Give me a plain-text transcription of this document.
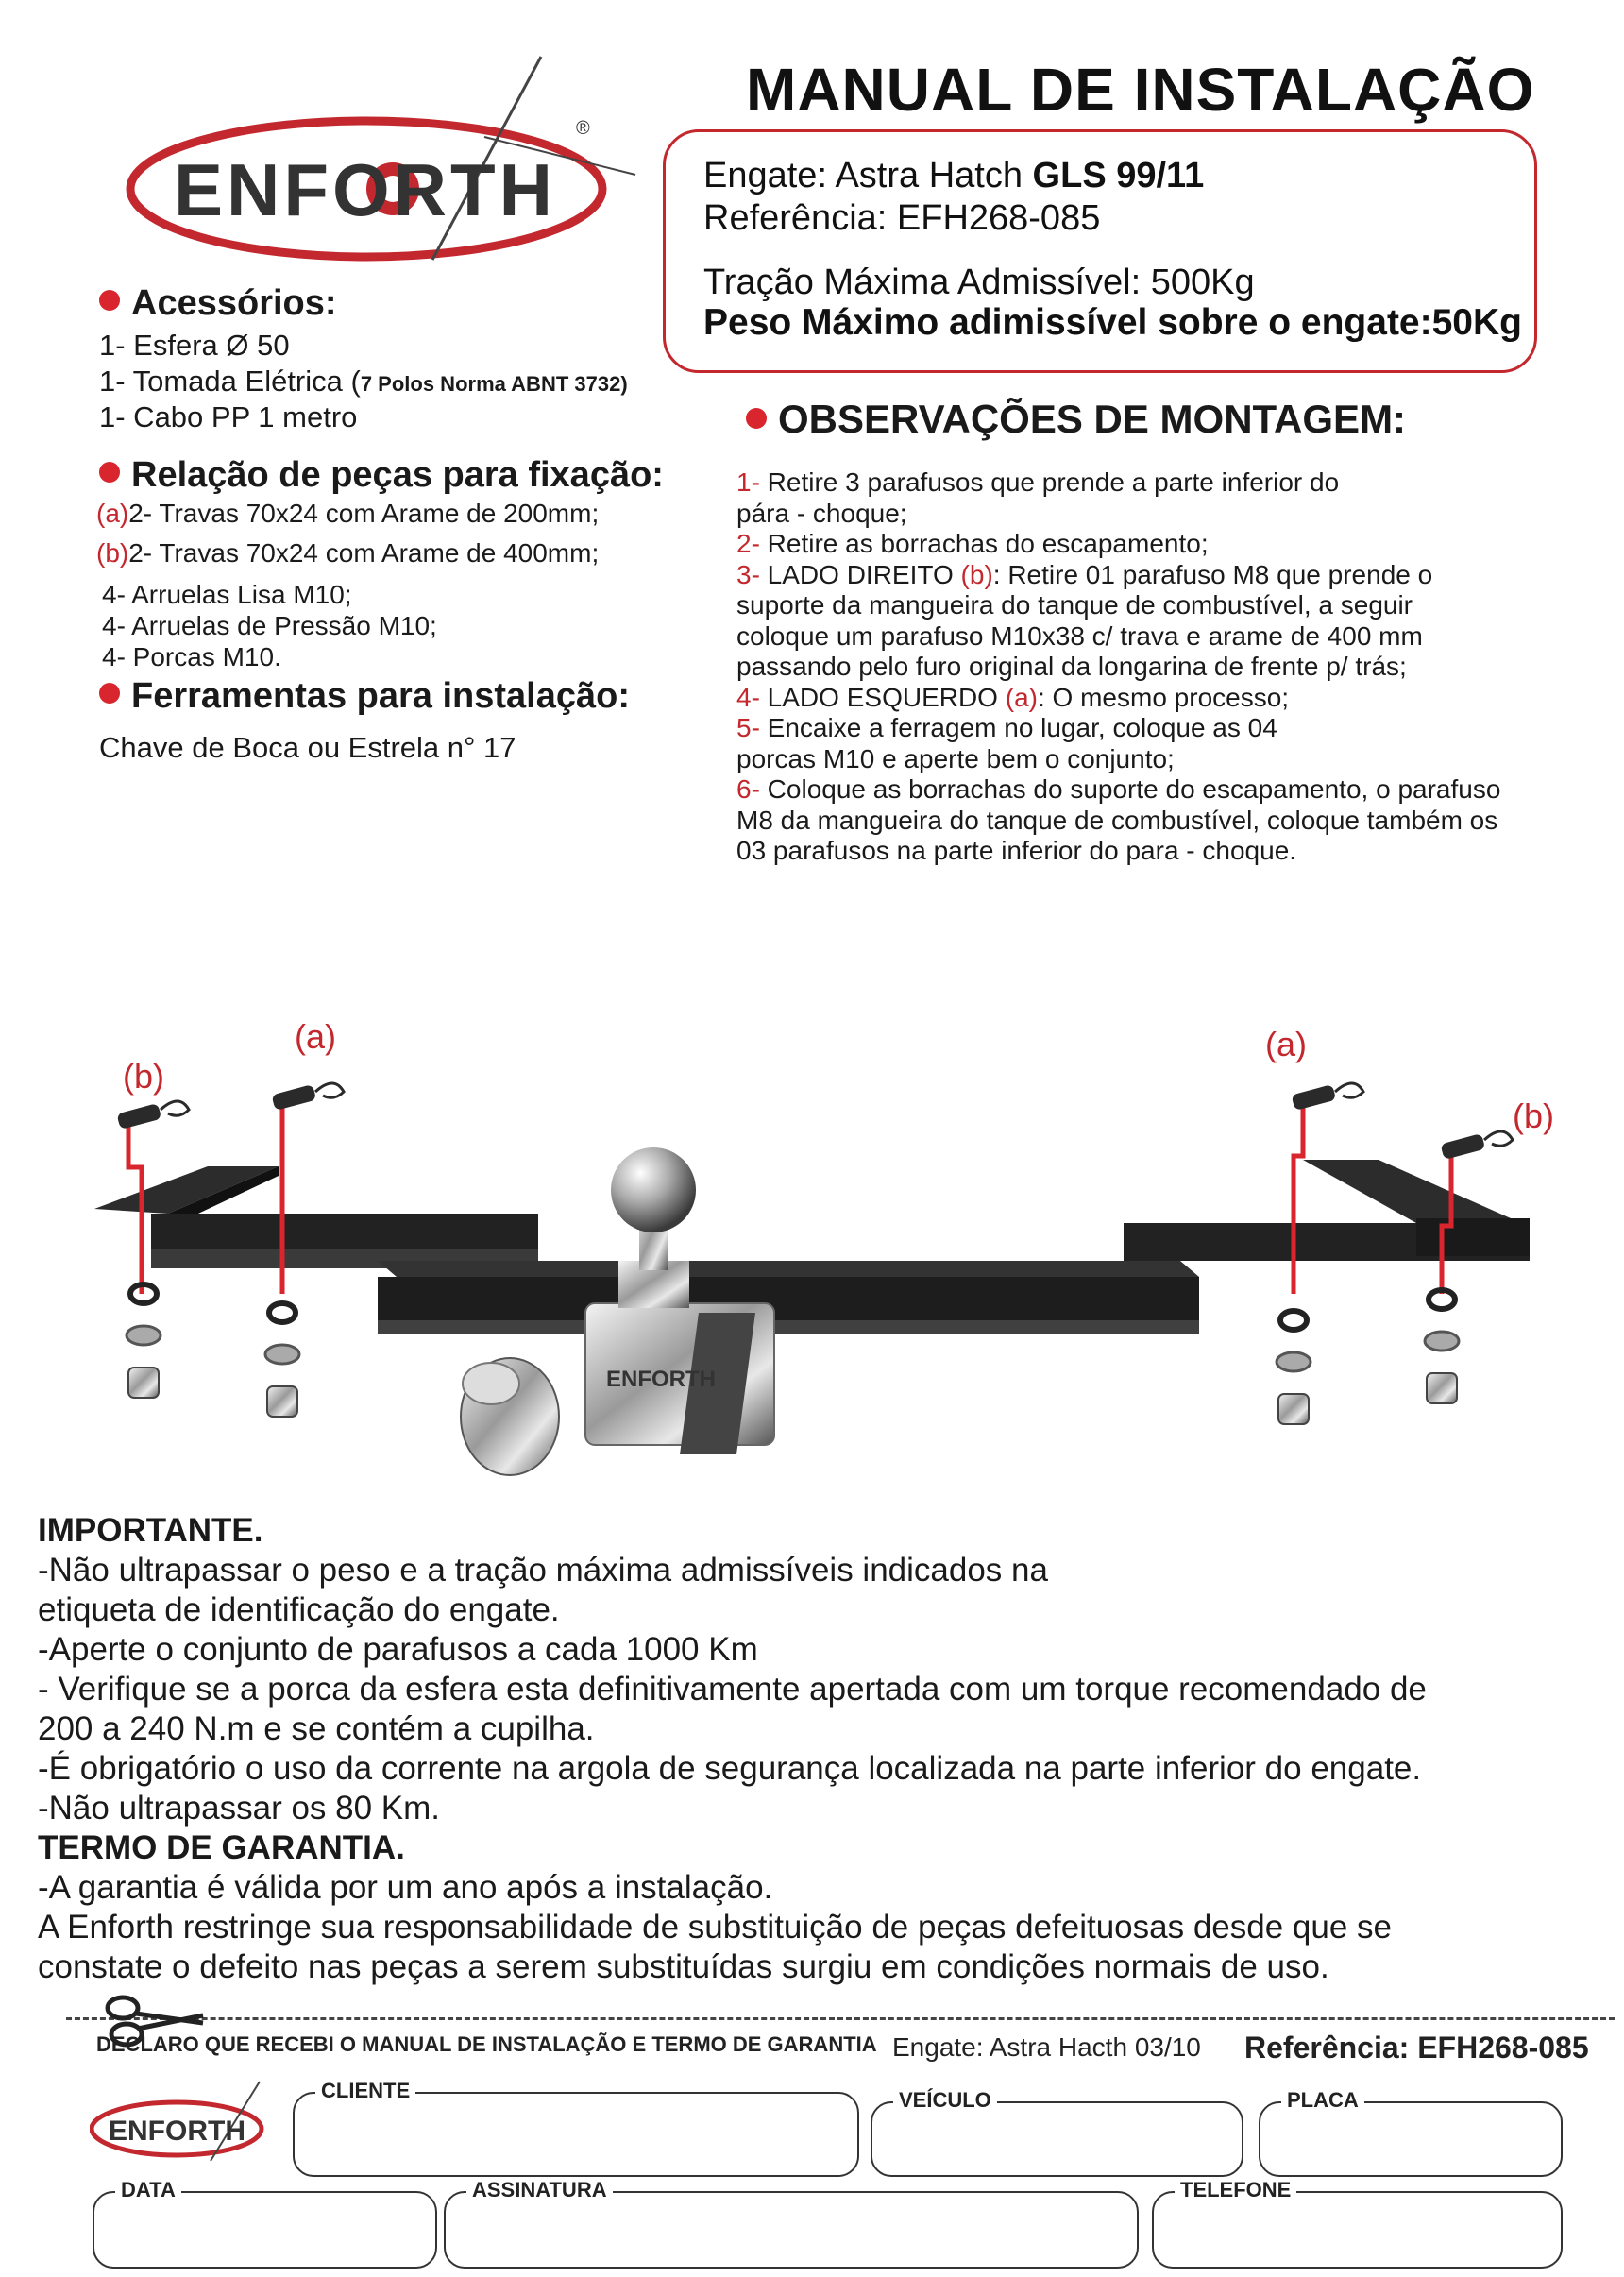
ENFORTH
®
MANUAL DE INSTALAÇÃO
Engate: Astra Hatch GLS 99/11
Referência: EFH268-085
Tração Máxima Admissível: 500Kg
Peso Máximo adimissível sobre o engate:50Kg
Acessórios:
1- Esfera Ø 50
1- Tomada Elétrica (7 Polos Norma ABNT 3732)
1- Cabo PP 1 metro
Relação de peças para fixação:
(a)2- Travas 70x24 com Arame de 200mm;
(b)2- Travas 70x24 com Arame de 400mm;
4- Arruelas Lisa M10;
4- Arruelas de Pressão M10;
4- Porcas M10.
Ferramentas para instalação:
Chave de Boca ou Estrela n° 17
OBSERVAÇÕES DE MONTAGEM:
1- Retire 3 parafusos que prende a parte inferior do
pára - choque;
2- Retire as borrachas do escapamento;
3- LADO DIREITO (b): Retire 01 parafuso M8 que prende o
suporte da mangueira do tanque de combustível, a seguir
coloque um parafuso M10x38 c/ trava e arame de 400 mm
passando pelo furo original da longarina de frente p/ trás;
4- LADO ESQUERDO (a): O mesmo processo;
5- Encaixe a ferragem no lugar, coloque as 04
porcas M10 e aperte bem o conjunto;
6- Coloque as borrachas do suporte do escapamento, o parafuso
M8 da mangueira do tanque de combustível, coloque também os
03 parafusos na parte inferior do para - choque.
ENFORTH
(b)
(a)	(a)
(b)
IMPORTANTE.
-Não ultrapassar o peso e a tração máxima admissíveis indicados na
etiqueta de identificação do engate.
-Aperte o conjunto de parafusos a cada 1000 Km
- Verifique se a porca da esfera esta definitivamente apertada com um torque recomendado de
200 a 240 N.m e se contém a cupilha.
-É obrigatório o uso da corrente na argola de segurança localizada na parte inferior do engate.
-Não ultrapassar os 80 Km.
TERMO DE GARANTIA.
-A garantia é válida por um ano após a instalação.
A Enforth restringe sua responsabilidade de substituição de peças defeituosas desde que se
constate o defeito nas peças a serem substituídas surgiu em condições normais de uso.
DECLARO QUE RECEBI O MANUAL DE INSTALAÇÃO E TERMO DE GARANTIA Engate: Astra Hacth 03/10 Referência: EFH268-085
ENFORTH
CLIENTE	VEÍCULO	PLACA
DATA	ASSINATURA	TELEFONE
